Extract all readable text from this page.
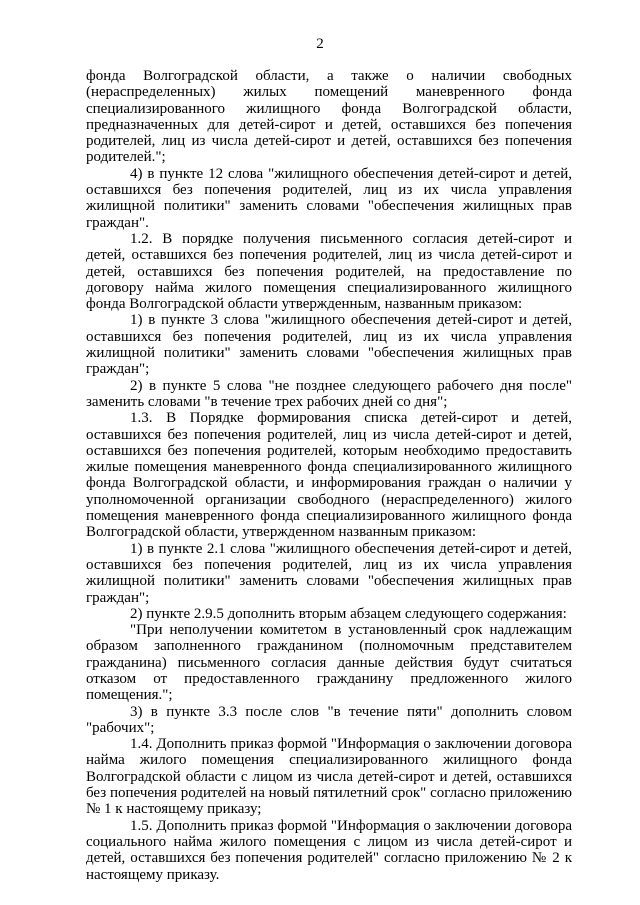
2

фонда Волгоградской области, а также о наличии свободных (нераспределенных) жилых помещений маневренного фонда специализированного жилищного фонда Волгоградской области, предназначенных для детей-сирот и детей, оставшихся без попечения родителей, лиц из числа детей-сирот и детей, оставшихся без попечения родителей.";

4) в пункте 12 слова "жилищного обеспечения детей-сирот и детей, оставшихся без попечения родителей, лиц из их числа управления жилищной политики" заменить словами "обеспечения жилищных прав граждан".

1.2. В порядке получения письменного согласия детей-сирот и детей, оставшихся без попечения родителей, лиц из числа детей-сирот и детей, оставшихся без попечения родителей, на предоставление по договору найма жилого помещения специализированного жилищного фонда Волгоградской области утвержденным, названным приказом:

1) в пункте 3 слова "жилищного обеспечения детей-сирот и детей, оставшихся без попечения родителей, лиц из их числа управления жилищной политики" заменить словами "обеспечения жилищных прав граждан";

2) в пункте 5 слова "не позднее следующего рабочего дня после" заменить словами "в течение трех рабочих дней со дня";

1.3. В Порядке формирования списка детей-сирот и детей, оставшихся без попечения родителей, лиц из числа детей-сирот и детей, оставшихся без попечения родителей, которым необходимо предоставить жилые помещения маневренного фонда специализированного жилищного фонда Волгоградской области, и информирования граждан о наличии у уполномоченной организации свободного (нераспределенного) жилого помещения маневренного фонда специализированного жилищного фонда Волгоградской области, утвержденном названным приказом:

1) в пункте 2.1 слова "жилищного обеспечения детей-сирот и детей, оставшихся без попечения родителей, лиц из их числа управления жилищной политики" заменить словами "обеспечения жилищных прав граждан";

2) пункте 2.9.5 дополнить вторым абзацем следующего содержания:

"При неполучении комитетом в установленный срок надлежащим образом заполненного гражданином (полномочным представителем гражданина) письменного согласия данные действия будут считаться отказом от предоставленного гражданину предложенного жилого помещения.";

3) в пункте 3.3 после слов "в течение пяти" дополнить словом "рабочих";

1.4. Дополнить приказ формой "Информация о заключении договора найма жилого помещения специализированного жилищного фонда Волгоградской области с лицом из числа детей-сирот и детей, оставшихся без попечения родителей на новый пятилетний срок" согласно приложению № 1 к настоящему приказу;

1.5. Дополнить приказ формой "Информация о заключении договора социального найма жилого помещения с лицом из числа детей-сирот и детей, оставшихся без попечения родителей" согласно приложению № 2 к настоящему приказу.
